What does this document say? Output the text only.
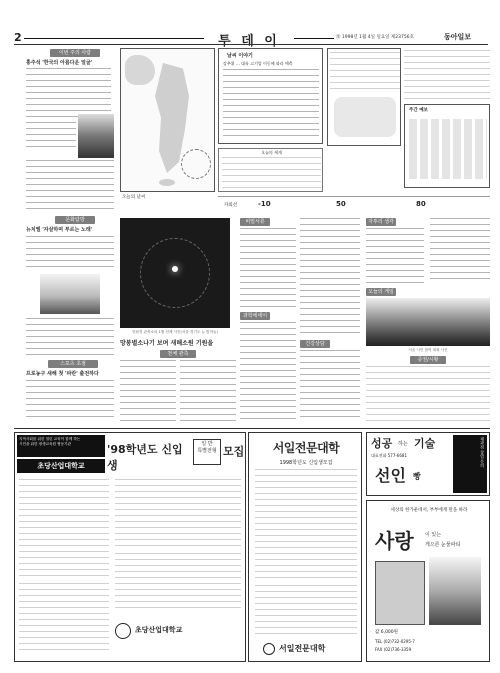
2	투 데 이	㊎ 1998년 1월 4일 일요일 제23756호	동아일보
이번 주의 사람
홍주석 '한국의 아름다운 얼굴'
문화탐방
뉴치엘 '자살하며 부르는 노래'
스포츠 초점
프로농구 새해 첫 '파란' 출전하다
오늘의 날씨
날씨 이야기
강추위 … 대륙 고기압 이동에 따라 예측
오늘의 세계
주간 예보
자외선	-10	50	80
망원경 관측소의 1월 천체 사진(서울 경기도 뉴 밤하늘)
망봉별소나기 보며 새해소원 기원을
천체 관측
비밀서류
과학에세이
건강상담
자투리 생각
오늘의 게임
서울 시민 참여 대회 사진
증권/시황
지역사회를 위한 열린 교육이 함께 하는
시민을 위한 평생교육원 협동기관
초당산업대학교
'98학년도 신입생
일 반
특별전형 모집
초당산업대학교
서일전문대학
1998학년도 신입생모집
서일전문대학
성공 하는 기술
대표전화 577-6681
선인 빵
제과점 창업 문의
세상의 한가운데서, 부부에게 말을 하라
사랑 이 있는
게으른 눈물파티
값 6,000원
TEL (02)732-0295-7
FAX (02)736-3359
